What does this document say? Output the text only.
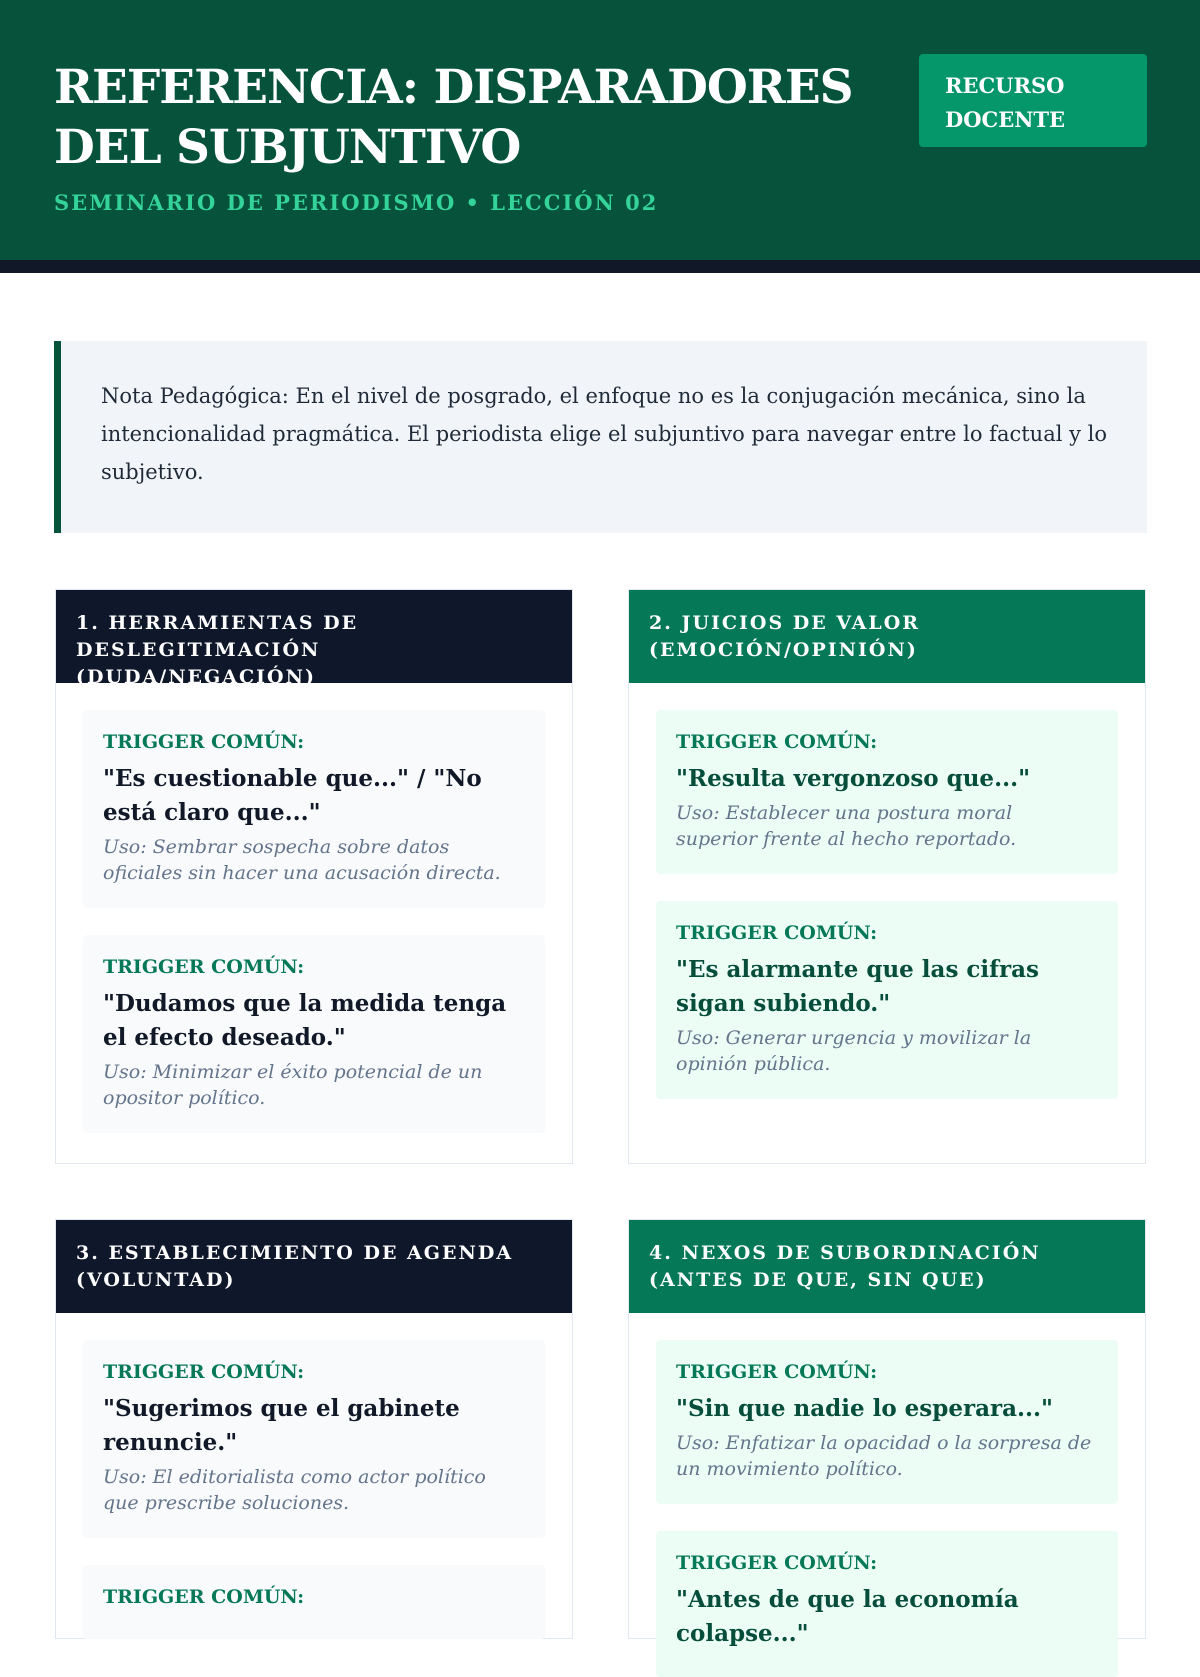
REFERENCIA: DISPARADORES DEL SUBJUNTIVO
SEMINARIO DE PERIODISMO • LECCIÓN 02
RECURSO DOCENTE
Nota Pedagógica: En el nivel de posgrado, el enfoque no es la conjugación mecánica, sino la intencionalidad pragmática. El periodista elige el subjuntivo para navegar entre lo factual y lo subjetivo.
1. HERRAMIENTAS DE DESLEGITIMACIÓN (DUDA/NEGACIÓN)
TRIGGER COMÚN:
"Es cuestionable que..." / "No está claro que..."
Uso: Sembrar sospecha sobre datos oficiales sin hacer una acusación directa.
TRIGGER COMÚN:
"Dudamos que la medida tenga el efecto deseado."
Uso: Minimizar el éxito potencial de un opositor político.
2. JUICIOS DE VALOR (EMOCIÓN/OPINIÓN)
TRIGGER COMÚN:
"Resulta vergonzoso que..."
Uso: Establecer una postura moral superior frente al hecho reportado.
TRIGGER COMÚN:
"Es alarmante que las cifras sigan subiendo."
Uso: Generar urgencia y movilizar la opinión pública.
3. ESTABLECIMIENTO DE AGENDA (VOLUNTAD)
TRIGGER COMÚN:
"Sugerimos que el gabinete renuncie."
Uso: El editorialista como actor político que prescribe soluciones.
TRIGGER COMÚN:
4. NEXOS DE SUBORDINACIÓN (ANTES DE QUE, SIN QUE)
TRIGGER COMÚN:
"Sin que nadie lo esperara..."
Uso: Enfatizar la opacidad o la sorpresa de un movimiento político.
TRIGGER COMÚN:
"Antes de que la economía colapse..."
